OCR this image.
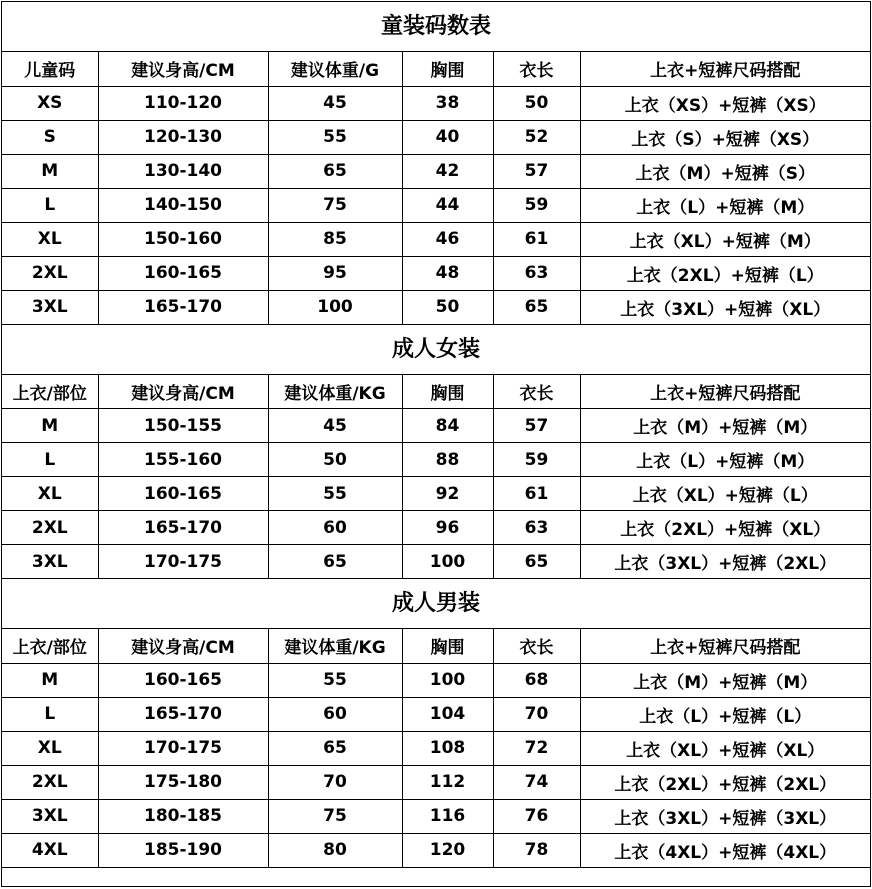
童装码数表
儿童码	建议身高/CM	建议体重/G	胸围	衣长	上衣+短裤尺码搭配
XS	110-120	45	38	50	上衣（XS）+短裤（XS）
S	120-130	55	40	52	上衣（S）+短裤（XS）
M	130-140	65	42	57	上衣（M）+短裤（S）
L	140-150	75	44	59	上衣（L）+短裤（M）
XL	150-160	85	46	61	上衣（XL）+短裤（M）
2XL	160-165	95	48	63	上衣（2XL）+短裤（L）
3XL	165-170	100	50	65	上衣（3XL）+短裤（XL）
成人女装
上衣/部位	建议身高/CM	建议体重/KG	胸围	衣长	上衣+短裤尺码搭配
M	150-155	45	84	57	上衣（M）+短裤（M）
L	155-160	50	88	59	上衣（L）+短裤（M）
XL	160-165	55	92	61	上衣（XL）+短裤（L）
2XL	165-170	60	96	63	上衣（2XL）+短裤（XL）
3XL	170-175	65	100	65	上衣（3XL）+短裤（2XL）
成人男装
上衣/部位	建议身高/CM	建议体重/KG	胸围	衣长	上衣+短裤尺码搭配
M	160-165	55	100	68	上衣（M）+短裤（M）
L	165-170	60	104	70	上衣（L）+短裤（L）
XL	170-175	65	108	72	上衣（XL）+短裤（XL）
2XL	175-180	70	112	74	上衣（2XL）+短裤（2XL）
3XL	180-185	75	116	76	上衣（3XL）+短裤（3XL）
4XL	185-190	80	120	78	上衣（4XL）+短裤（4XL）
